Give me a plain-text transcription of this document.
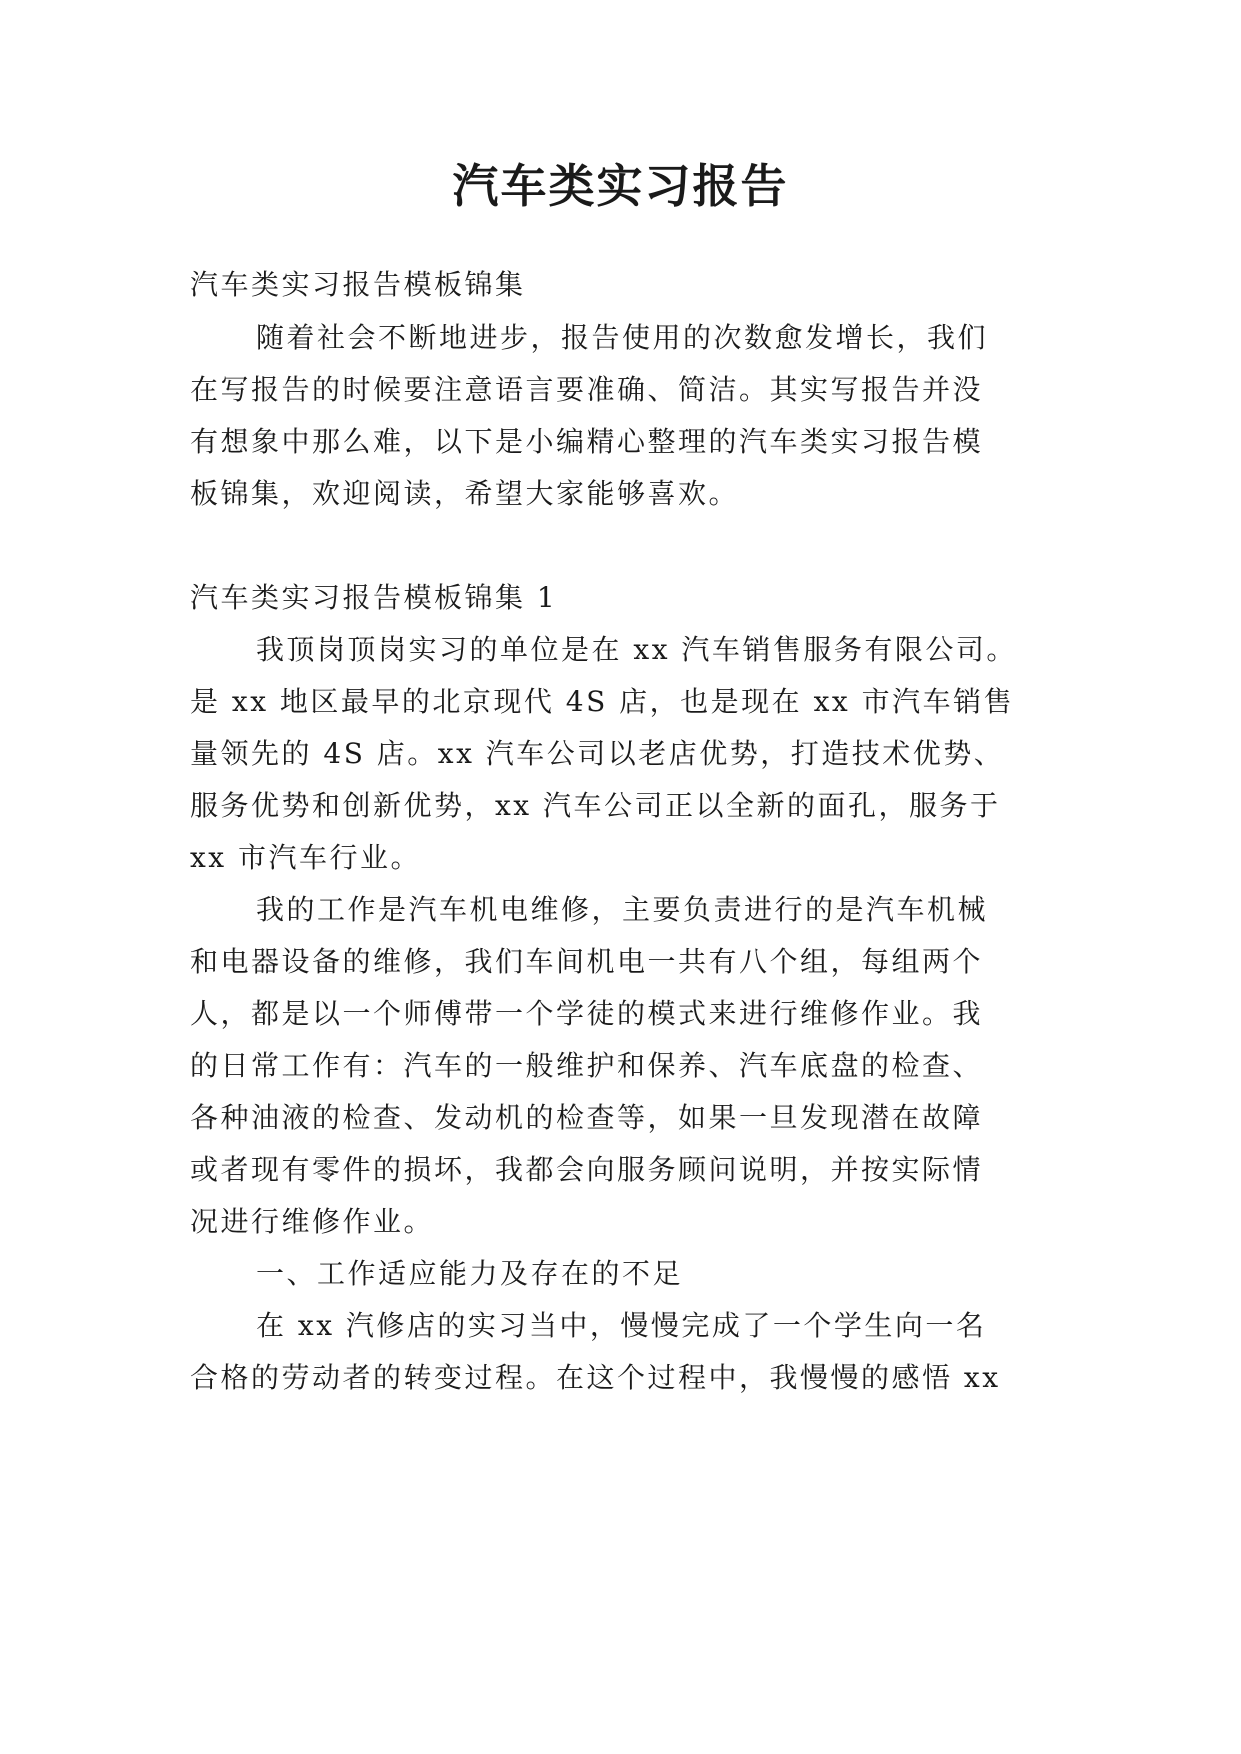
汽车类实习报告
汽车类实习报告模板锦集
随着社会不断地进步，报告使用的次数愈发增长，我们
在写报告的时候要注意语言要准确、简洁。其实写报告并没
有想象中那么难，以下是小编精心整理的汽车类实习报告模
板锦集，欢迎阅读，希望大家能够喜欢。
汽车类实习报告模板锦集 1
我顶岗顶岗实习的单位是在 xx 汽车销售服务有限公司。
是 xx 地区最早的北京现代 4S 店，也是现在 xx 市汽车销售
量领先的 4S 店。xx 汽车公司以老店优势，打造技术优势、
服务优势和创新优势，xx 汽车公司正以全新的面孔，服务于
xx 市汽车行业。
我的工作是汽车机电维修，主要负责进行的是汽车机械
和电器设备的维修，我们车间机电一共有八个组，每组两个
人，都是以一个师傅带一个学徒的模式来进行维修作业。我
的日常工作有：汽车的一般维护和保养、汽车底盘的检查、
各种油液的检查、发动机的检查等，如果一旦发现潜在故障
或者现有零件的损坏，我都会向服务顾问说明，并按实际情
况进行维修作业。
一、工作适应能力及存在的不足
在 xx 汽修店的实习当中，慢慢完成了一个学生向一名
合格的劳动者的转变过程。在这个过程中，我慢慢的感悟 xx
